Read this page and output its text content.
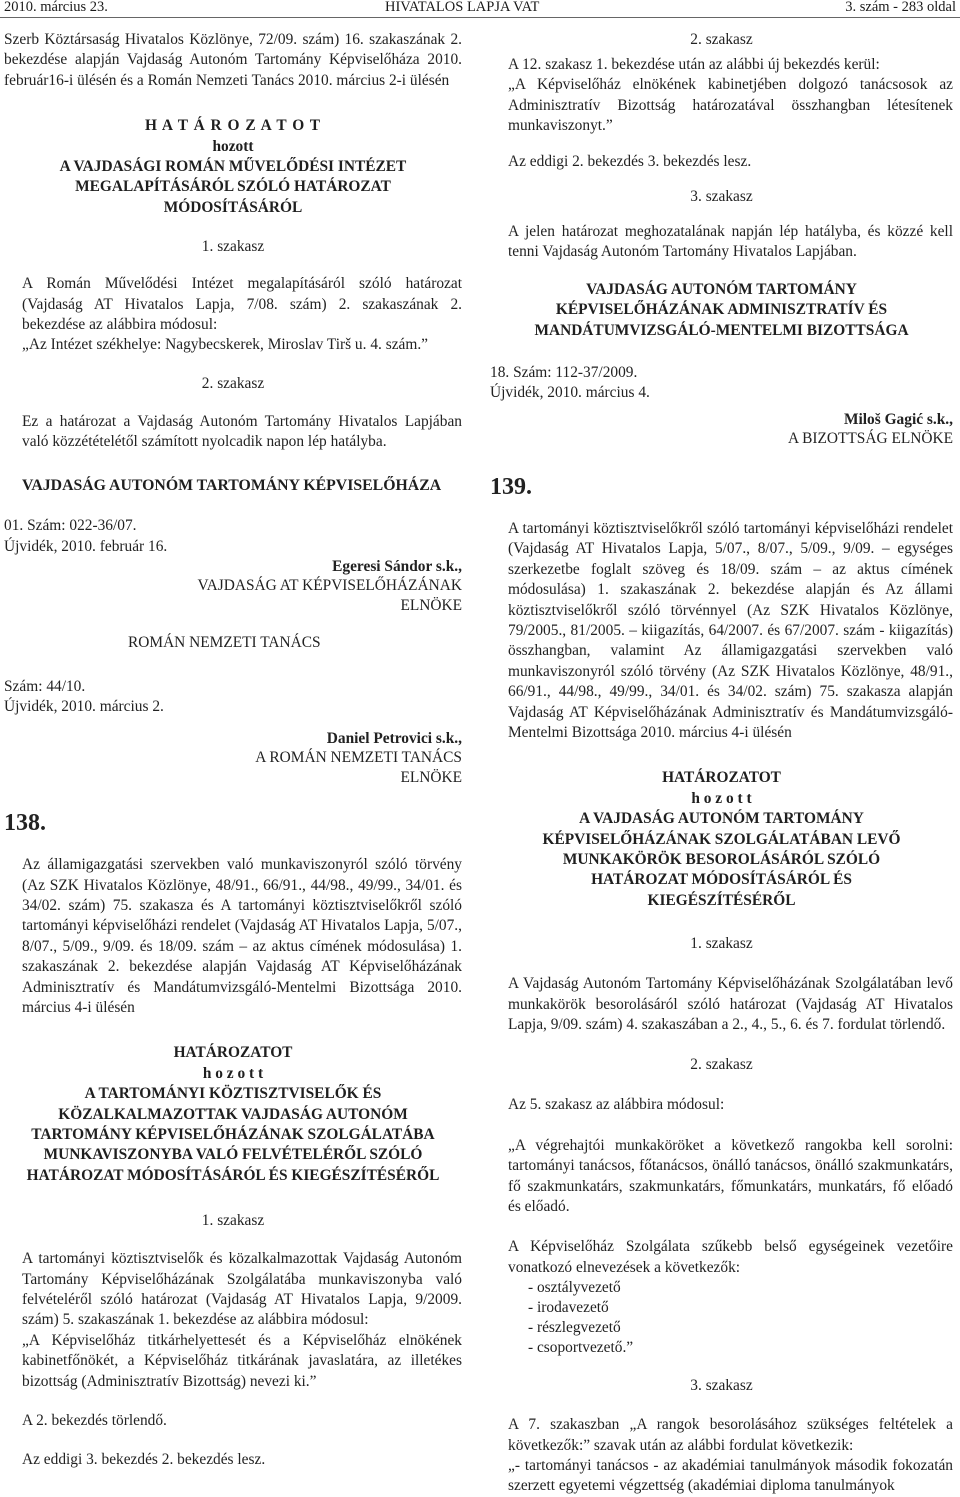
2010. március 23.	HIVATALOS LAPJA VAT	3. szám - 283 oldal

Szerb Köztársaság Hivatalos Közlönye, 72/09. szám) 16. szakaszának 2. bekezdése alapján Vajdaság Autonóm Tartomány Képviselőháza 2010. február16-i ülésén és a Román Nemzeti Tanács 2010. március 2-i ülésén

H A T Á R O Z A T O T

hozott

A VAJDASÁGI ROMÁN MŰVELŐDÉSI INTÉZET MEGALAPÍTÁSÁRÓL SZÓLÓ HATÁROZAT MÓDOSÍTÁSÁRÓL

1. szakasz

A Román Művelődési Intézet megalapításáról szóló határozat (Vajdaság AT Hivatalos Lapja, 7/08. szám) 2. szakaszának 2. bekezdése az alábbira módosul:

„Az Intézet székhelye: Nagybecskerek, Miroslav Tirš u. 4. szám.”

2. szakasz

Ez a határozat a Vajdaság Autonóm Tartomány Hivatalos Lapjában való közzétételétől számított nyolcadik napon lép hatályba.

VAJDASÁG AUTONÓM TARTOMÁNY KÉPVISELŐHÁZA

01. Szám: 022-36/07.

Újvidék, 2010. február 16.

Egeresi Sándor s.k.,

VAJDASÁG AT KÉPVISELŐHÁZÁNAK

ELNÖKE

ROMÁN NEMZETI TANÁCS

Szám: 44/10.

Újvidék, 2010. március 2.

Daniel Petrovici s.k.,

A ROMÁN NEMZETI TANÁCS

ELNÖKE

138.

Az államigazgatási szervekben való munkaviszonyról szóló törvény (Az SZK Hivatalos Közlönye, 48/91., 66/91., 44/98., 49/99., 34/01. és 34/02. szám) 75. szakasza és A tartományi köztisztviselőkről szóló tartományi képviselőházi rendelet (Vajdaság AT Hivatalos Lapja, 5/07., 8/07., 5/09., 9/09. és 18/09. szám – az aktus címének módosulása) 1. szakaszának 2. bekezdése alapján Vajdaság AT Képviselőházának Adminisztratív és Mandátumvizsgáló-Mentelmi Bizottsága 2010. március 4-i ülésén

HATÁROZATOT

h o z o t t

A TARTOMÁNYI KÖZTISZTVISELŐK ÉS KÖZALKALMAZOTTAK VAJDASÁG AUTONÓM TARTOMÁNY KÉPVISELŐHÁZÁNAK SZOLGÁLATÁBA MUNKAVISZONYBA VALÓ FELVÉTELÉRŐL SZÓLÓ HATÁROZAT MÓDOSÍTÁSÁRÓL ÉS KIEGÉSZÍTÉSÉRŐL

1. szakasz

A tartományi köztisztviselők és közalkalmazottak Vajdaság Autonóm Tartomány Képviselőházának Szolgálatába munkaviszonyba való felvételéről szóló határozat (Vajdaság AT Hivatalos Lapja, 9/2009. szám) 5. szakaszának 1. bekezdése az alábbira módosul:

„A Képviselőház titkárhelyettesét és a Képviselőház elnökének kabinetfőnökét, a Képviselőház titkárának javaslatára, az illetékes bizottság (Adminisztratív Bizottság) nevezi ki.”

A 2. bekezdés törlendő.

Az eddigi 3. bekezdés 2. bekezdés lesz.

2. szakasz

A 12. szakasz 1. bekezdése után az alábbi új bekezdés kerül:

„A Képviselőház elnökének kabinetjében dolgozó tanácsosok az Adminisztratív Bizottság határozatával összhangban létesítenek munkaviszonyt.”

Az eddigi 2. bekezdés 3. bekezdés lesz.

3. szakasz

A jelen határozat meghozatalának napján lép hatályba, és közzé kell tenni Vajdaság Autonóm Tartomány Hivatalos Lapjában.

VAJDASÁG AUTONÓM TARTOMÁNY KÉPVISELŐHÁZÁNAK ADMINISZTRATÍV ÉS MANDÁTUMVIZSGÁLÓ-MENTELMI BIZOTTSÁGA

18. Szám: 112-37/2009.

Újvidék, 2010. március 4.

Miloš Gagić s.k.,

A BIZOTTSÁG ELNÖKE

139.

A tartományi köztisztviselőkről szóló tartományi képviselőházi rendelet (Vajdaság AT Hivatalos Lapja, 5/07., 8/07., 5/09., 9/09. – egységes szerkezetbe foglalt szöveg és 18/09. szám – az aktus címének módosulása) 1. szakaszának 2. bekezdése alapján és Az állami köztisztviselőkről szóló törvénnyel (Az SZK Hivatalos Közlönye, 79/2005., 81/2005. – kiigazítás, 64/2007. és 67/2007. szám - kiigazítás) összhangban, valamint Az államigazgatási szervekben való munkaviszonyról szóló törvény (Az SZK Hivatalos Közlönye, 48/91., 66/91., 44/98., 49/99., 34/01. és 34/02. szám) 75. szakasza alapján Vajdaság AT Képviselőházának Adminisztratív és Mandátumvizsgáló-Mentelmi Bizottsága 2010. március 4-i ülésén

HATÁROZATOT

h o z o t t

A VAJDASÁG AUTONÓM TARTOMÁNY KÉPVISELŐHÁZÁNAK SZOLGÁLATÁBAN LEVŐ MUNKAKÖRÖK BESOROLÁSÁRÓL SZÓLÓ HATÁROZAT MÓDOSÍTÁSÁRÓL ÉS KIEGÉSZÍTÉSÉRŐL

1. szakasz

A Vajdaság Autonóm Tartomány Képviselőházának Szolgálatában levő munkakörök besorolásáról szóló határozat (Vajdaság AT Hivatalos Lapja, 9/09. szám) 4. szakaszában a 2., 4., 5., 6. és 7. fordulat törlendő.

2. szakasz

Az 5. szakasz az alábbira módosul:

„A végrehajtói munkaköröket a következő rangokba kell sorolni: tartományi tanácsos, főtanácsos, önálló tanácsos, önálló szakmunkatárs, fő szakmunkatárs, szakmunkatárs, főmunkatárs, munkatárs, fő előadó és előadó.

A Képviselőház Szolgálata szűkebb belső egységeinek vezetőire vonatkozó elnevezések a következők:

- osztályvezető

- irodavezető

- részlegvezető

- csoportvezető.”

3. szakasz

A 7. szakaszban „A rangok besorolásához szükséges feltételek a következők:” szavak után az alábbi fordulat következik:

„- tartományi tanácsos - az akadémiai tanulmányok második fokozatán szerzett egyetemi végzettség (akadémiai diploma tanulmányok
